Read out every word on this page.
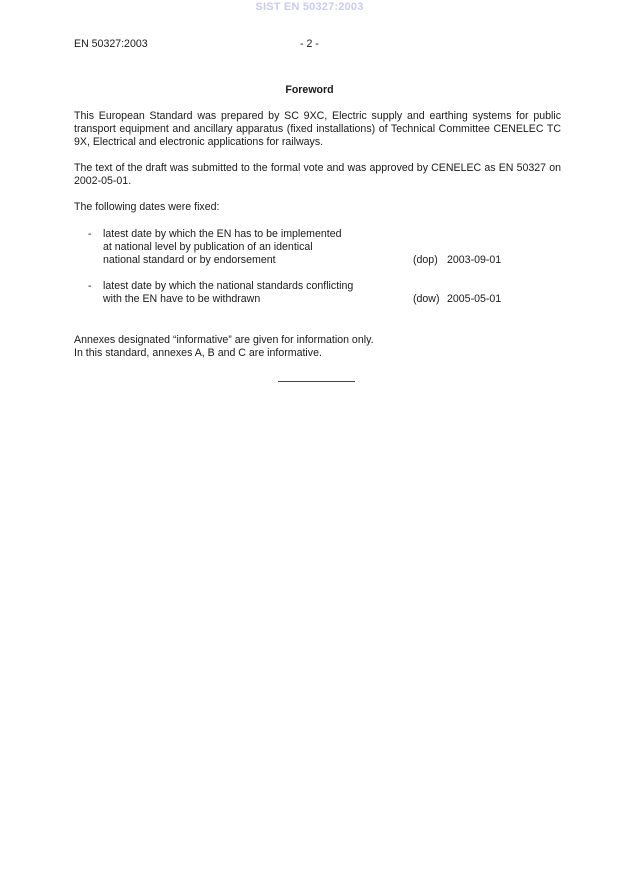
SIST EN 50327:2003
EN 50327:2003	- 2 -
Foreword
This European Standard was prepared by SC 9XC, Electric supply and earthing systems for public transport equipment and ancillary apparatus (fixed installations) of Technical Committee CENELEC TC 9X, Electrical and electronic applications for railways.
The text of the draft was submitted to the formal vote and was approved by CENELEC as EN 50327 on 2002-05-01.
The following dates were fixed:
- latest date by which the EN has to be implemented
at national level by publication of an identical
national standard or by endorsement	(dop) 2003-09-01
- latest date by which the national standards conflicting
with the EN have to be withdrawn	(dow) 2005-05-01
Annexes designated “informative” are given for information only.
In this standard, annexes A, B and C are informative.
